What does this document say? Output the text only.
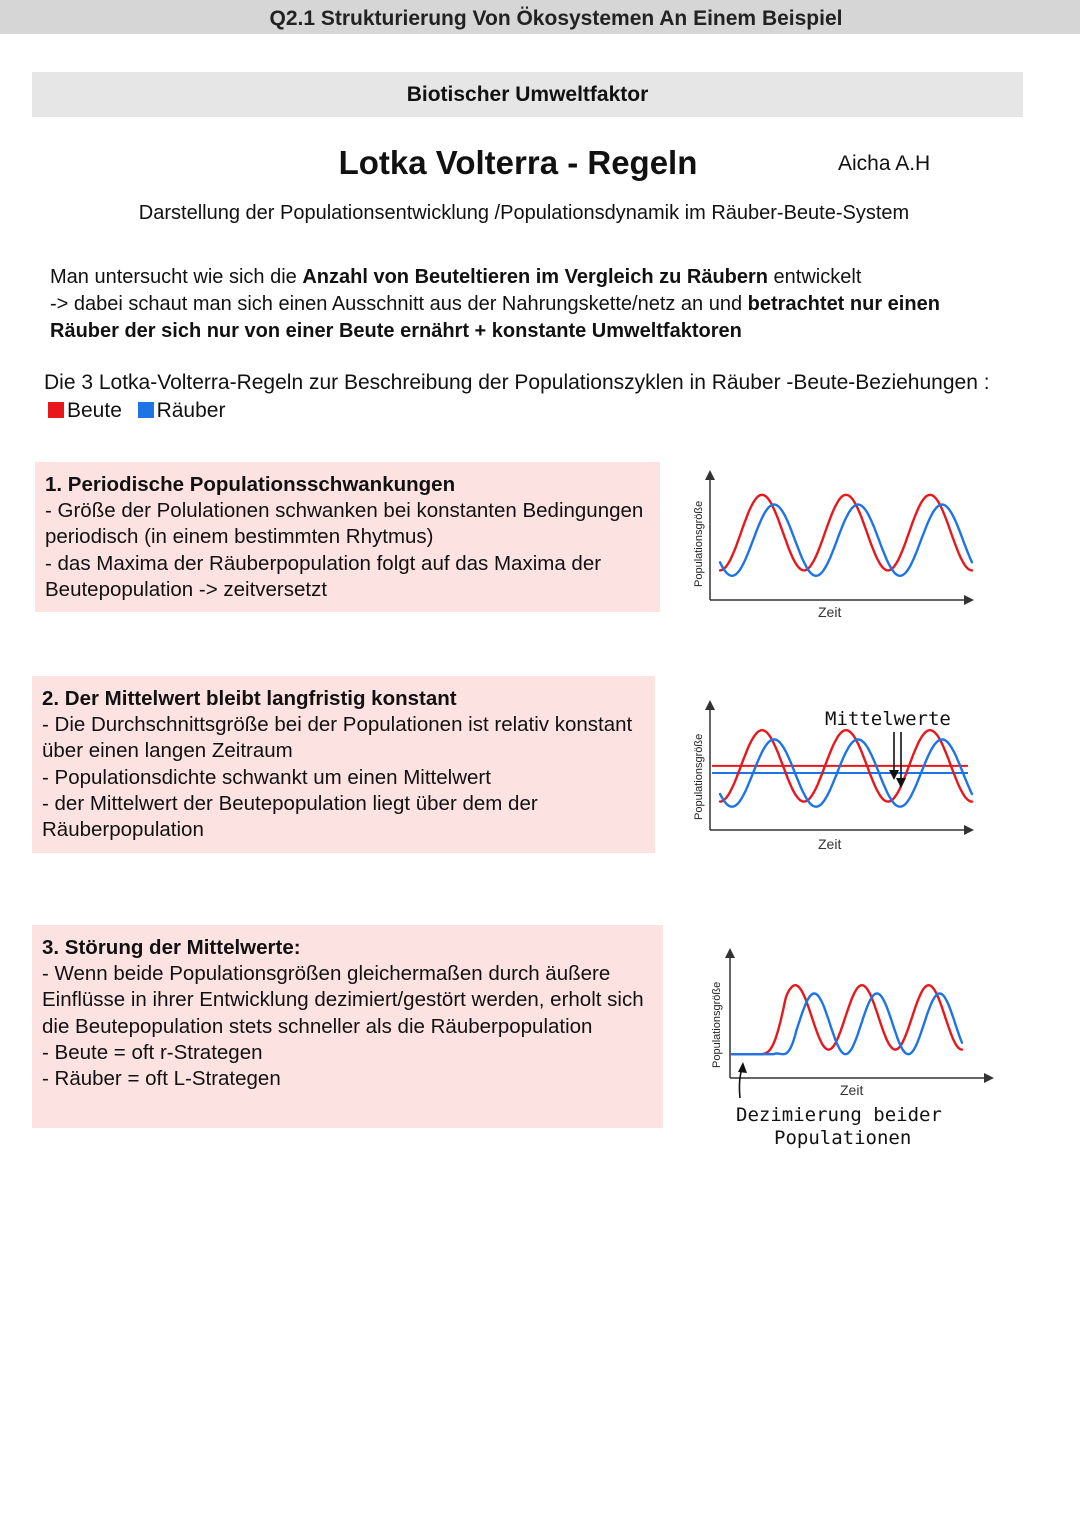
Q2.1 Strukturierung Von Ökosystemen An Einem Beispiel
Biotischer Umweltfaktor
Lotka Volterra - Regeln	Aicha A.H
Darstellung der Populationsentwicklung /Populationsdynamik im Räuber-Beute-System
Man untersucht wie sich die Anzahl von Beuteltieren im Vergleich zu Räubern entwickelt
-> dabei schaut man sich einen Ausschnitt aus der Nahrungskette/netz an und betrachtet nur einen Räuber der sich nur von einer Beute ernährt + konstante Umweltfaktoren
Die 3 Lotka-Volterra-Regeln zur Beschreibung der Populationszyklen in Räuber -Beute-Beziehungen :Beute Räuber
1. Periodische Populationsschwankungen
- Größe der Polulationen schwanken bei konstanten Bedingungen periodisch (in einem bestimmten Rhytmus)
- das Maxima der Räuberpopulation folgt auf das Maxima der Beutepopulation -> zeitversetzt
2. Der Mittelwert bleibt langfristig konstant
- Die Durchschnittsgröße bei der Populationen ist relativ konstant über einen langen Zeitraum
- Populationsdichte schwankt um einen Mittelwert
- der Mittelwert der Beutepopulation liegt über dem der Räuberpopulation
3. Störung der Mittelwerte:
- Wenn beide Populationsgrößen gleichermaßen durch äußere Einflüsse in ihrer Entwicklung dezimiert/gestört werden, erholt sich die Beutepopulation stets schneller als die Räuberpopulation
- Beute = oft r-Strategen
- Räuber = oft L-Strategen
Populationsgröße
Zeit
Populationsgröße
Zeit
Mittelwerte
Populationsgröße
Zeit
Dezimierung beider
Populationen
